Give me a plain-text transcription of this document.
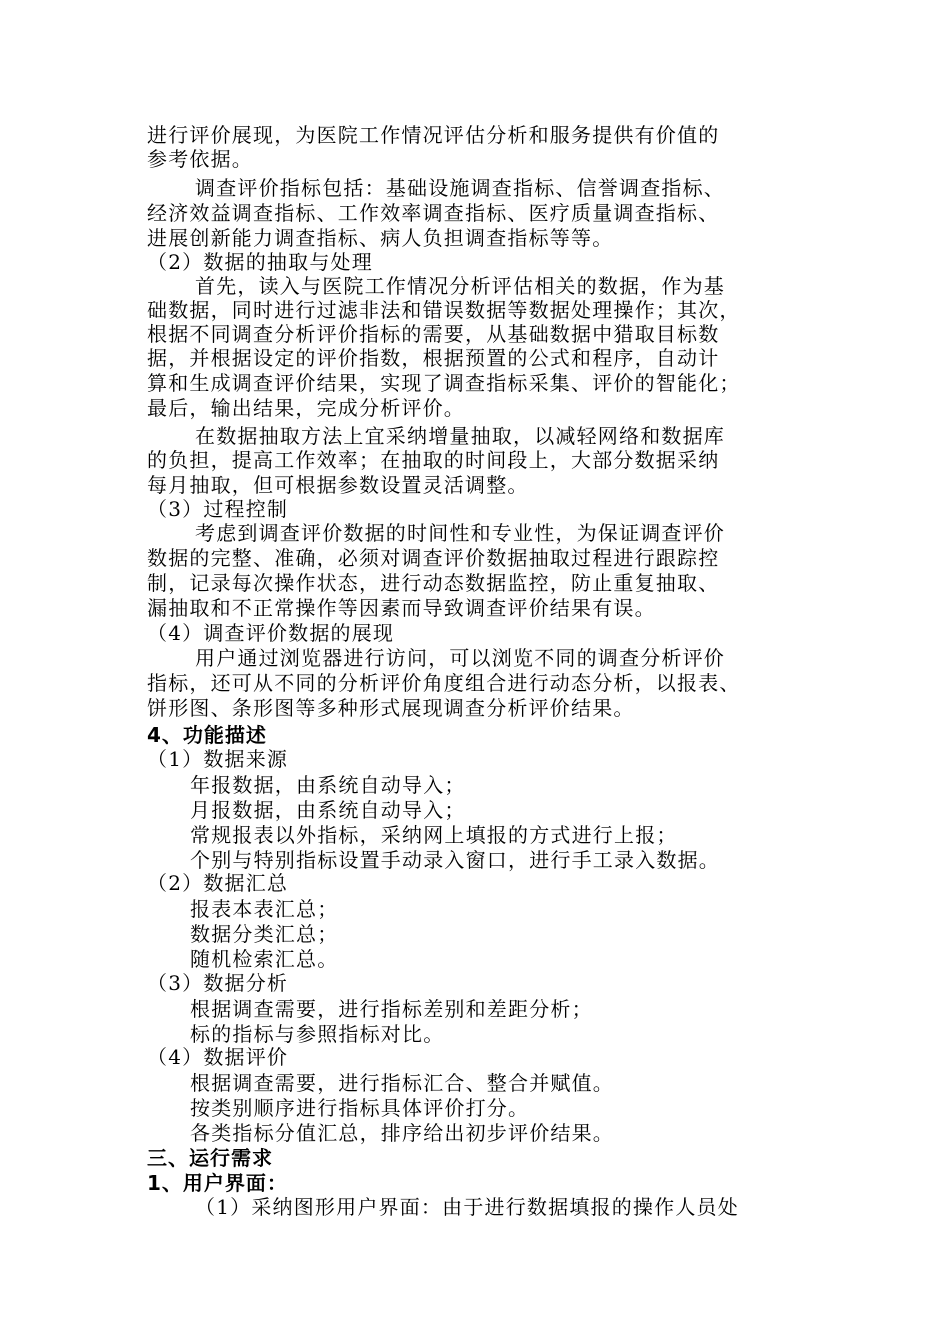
进行评价展现，为医院工作情况评估分析和服务提供有价值的
参考依据。
调查评价指标包括：基础设施调查指标、信誉调查指标、
经济效益调查指标、工作效率调查指标、医疗质量调查指标、
进展创新能力调查指标、病人负担调查指标等等。
（2）数据的抽取与处理
首先，读入与医院工作情况分析评估相关的数据，作为基
础数据，同时进行过滤非法和错误数据等数据处理操作；其次，
根据不同调查分析评价指标的需要，从基础数据中猎取目标数
据，并根据设定的评价指数，根据预置的公式和程序，自动计
算和生成调查评价结果，实现了调查指标采集、评价的智能化；
最后，输出结果，完成分析评价。
在数据抽取方法上宜采纳增量抽取，以减轻网络和数据库
的负担，提高工作效率；在抽取的时间段上，大部分数据采纳
每月抽取，但可根据参数设置灵活调整。
（3）过程控制
考虑到调查评价数据的时间性和专业性，为保证调查评价
数据的完整、准确，必须对调查评价数据抽取过程进行跟踪控
制，记录每次操作状态，进行动态数据监控，防止重复抽取、
漏抽取和不正常操作等因素而导致调查评价结果有误。
（4）调查评价数据的展现
用户通过浏览器进行访问，可以浏览不同的调查分析评价
指标，还可从不同的分析评价角度组合进行动态分析，以报表、
饼形图、条形图等多种形式展现调查分析评价结果。
4、功能描述
（1）数据来源
年报数据，由系统自动导入；
月报数据，由系统自动导入；
常规报表以外指标，采纳网上填报的方式进行上报；
个别与特别指标设置手动录入窗口，进行手工录入数据。
（2）数据汇总
报表本表汇总；
数据分类汇总；
随机检索汇总。
（3）数据分析
根据调查需要，进行指标差别和差距分析；
标的指标与参照指标对比。
（4）数据评价
根据调查需要，进行指标汇合、整合并赋值。
按类别顺序进行指标具体评价打分。
各类指标分值汇总，排序给出初步评价结果。
三、运行需求
1、用户界面：
（1）采纳图形用户界面：由于进行数据填报的操作人员处
